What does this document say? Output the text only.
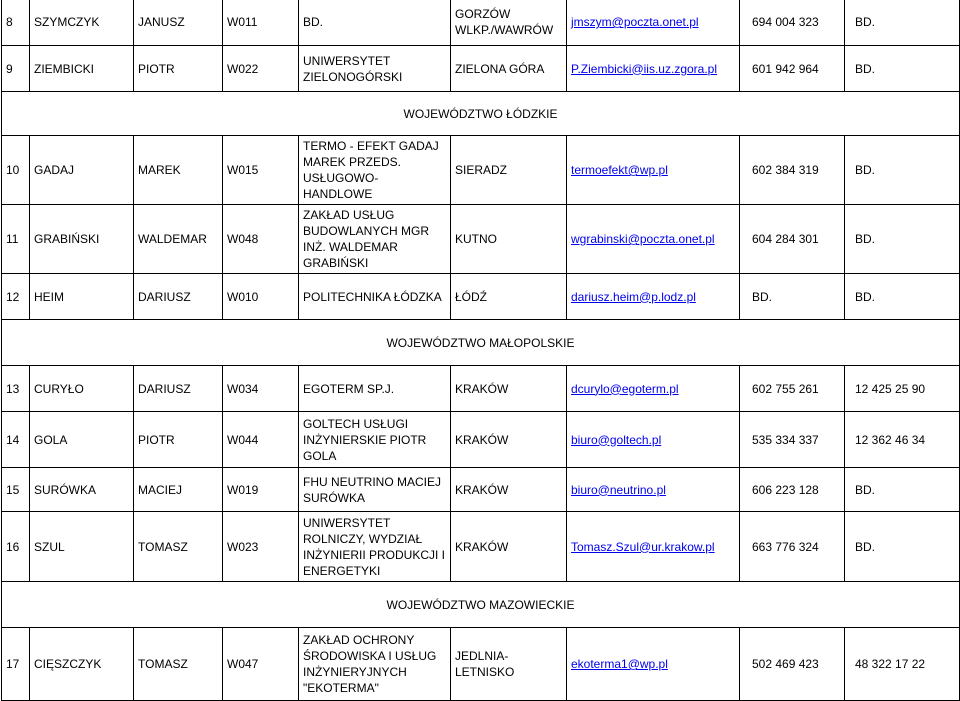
8	SZYMCZYK	JANUSZ	W011	BD.	GORZÓW WLKP./WAWRÓW	jmszym@poczta.onet.pl	694 004 323	BD.
9	ZIEMBICKI	PIOTR	W022	UNIWERSYTET ZIELONOGÓRSKI	ZIELONA GÓRA	P.Ziembicki@iis.uz.zgora.pl	601 942 964	BD.
WOJEWÓDZTWO ŁÓDZKIE								
10	GADAJ	MAREK	W015	TERMO - EFEKT GADAJ MAREK PRZEDS. USŁUGOWO-HANDLOWE	SIERADZ	termoefekt@wp.pl	602 384 319	BD.
11	GRABIŃSKI	WALDEMAR	W048	ZAKŁAD USŁUG BUDOWLANYCH MGR INŻ. WALDEMAR GRABIŃSKI	KUTNO	wgrabinski@poczta.onet.pl	604 284 301	BD.
12	HEIM	DARIUSZ	W010	POLITECHNIKA ŁÓDZKA	ŁÓDŹ	dariusz.heim@p.lodz.pl	BD.	BD.
WOJEWÓDZTWO MAŁOPOLSKIE								
13	CURYŁO	DARIUSZ	W034	EGOTERM SP.J.	KRAKÓW	dcurylo@egoterm.pl	602 755 261	12 425 25 90
14	GOLA	PIOTR	W044	GOLTECH USŁUGI INŻYNIERSKIE PIOTR GOLA	KRAKÓW	biuro@goltech.pl	535 334 337	12 362 46 34
15	SURÓWKA	MACIEJ	W019	FHU NEUTRINO MACIEJ SURÓWKA	KRAKÓW	biuro@neutrino.pl	606 223 128	BD.
16	SZUL	TOMASZ	W023	UNIWERSYTET ROLNICZY, WYDZIAŁ INŻYNIERII PRODUKCJI I ENERGETYKI	KRAKÓW	Tomasz.Szul@ur.krakow.pl	663 776 324	BD.
WOJEWÓDZTWO MAZOWIECKIE								
17	CIĘSZCZYK	TOMASZ	W047	ZAKŁAD OCHRONY ŚRODOWISKA I USŁUG INŻYNIERYJNYCH "EKOTERMA"	JEDLNIA-LETNISKO	ekoterma1@wp.pl	502 469 423	48 322 17 22
